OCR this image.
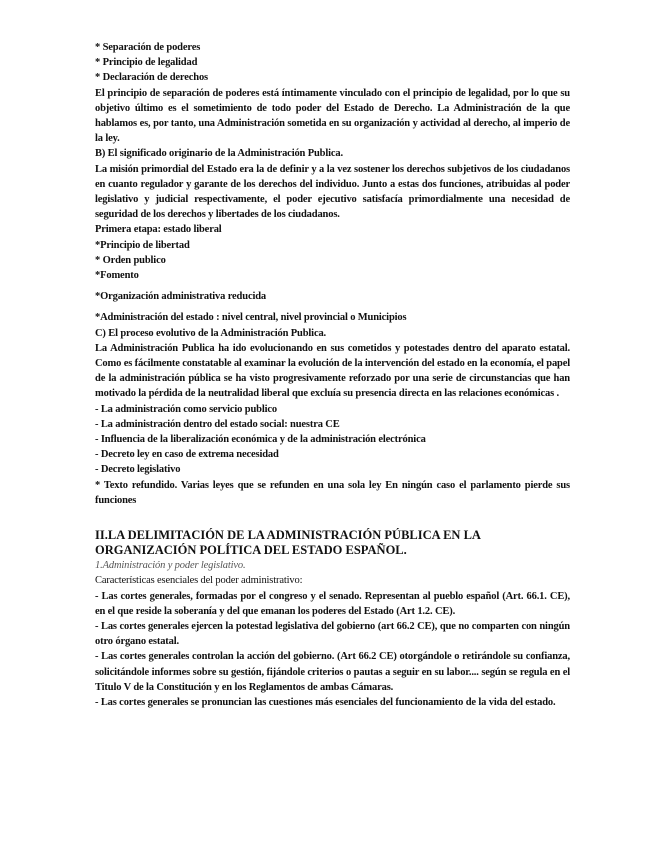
* Separación de poderes

* Principio de legalidad

* Declaración de derechos

El principio de separación de poderes está íntimamente vinculado con el principio de legalidad, por lo que su objetivo último es el sometimiento de todo poder del Estado de Derecho. La Administración de la que hablamos es, por tanto, una Administración sometida en su organización y actividad al derecho, al imperio de la ley.

B) El significado originario de la Administración Publica.

La misión primordial del Estado era la de definir y a la vez sostener los derechos subjetivos de los ciudadanos en cuanto regulador y garante de los derechos del individuo. Junto a estas dos funciones, atribuidas al poder legislativo y judicial respectivamente, el poder ejecutivo satisfacía primordialmente una necesidad de seguridad de los derechos y libertades de los ciudadanos.

Primera etapa: estado liberal

*Principio de libertad

* Orden publico

*Fomento

*Organización administrativa reducida

*Administración del estado : nivel central, nivel provincial o Municipios

C) El proceso evolutivo de la Administración Publica.

La Administración Publica ha ido evolucionando en sus cometidos y potestades dentro del aparato estatal. Como es fácilmente constatable al examinar la evolución de la intervención del estado en la economía, el papel de la administración pública se ha visto progresivamente reforzado por una serie de circunstancias que han motivado la pérdida de la neutralidad liberal que excluía su presencia directa en las relaciones económicas .

- La administración como servicio publico

- La administración dentro del estado social: nuestra CE

- Influencia de la liberalización económica y de la administración electrónica

- Decreto ley en caso de extrema necesidad

- Decreto legislativo

* Texto refundido. Varias leyes que se refunden en una sola ley En ningún caso el parlamento pierde sus funciones

II.LA DELIMITACIÓN DE LA ADMINISTRACIÓN PÚBLICA EN LA

ORGANIZACIÓN POLÍTICA DEL ESTADO ESPAÑOL.

1.Administración y poder legislativo.

Características esenciales del poder administrativo:

- Las cortes generales, formadas por el congreso y el senado. Representan al pueblo español (Art. 66.1. CE), en el que reside la soberanía y del que emanan los poderes del Estado (Art 1.2. CE).

- Las cortes generales ejercen la potestad legislativa del gobierno (art 66.2 CE), que no comparten con ningún otro órgano estatal.

- Las cortes generales controlan la acción del gobierno. (Art 66.2 CE) otorgándole o retirándole su confianza, solicitándole informes sobre su gestión, fijándole criterios o pautas a seguir en su labor.... según se regula en el Titulo V de la Constitución y en los Reglamentos de ambas Cámaras.

- Las cortes generales se pronuncian las cuestiones más esenciales del funcionamiento de la vida del estado.
